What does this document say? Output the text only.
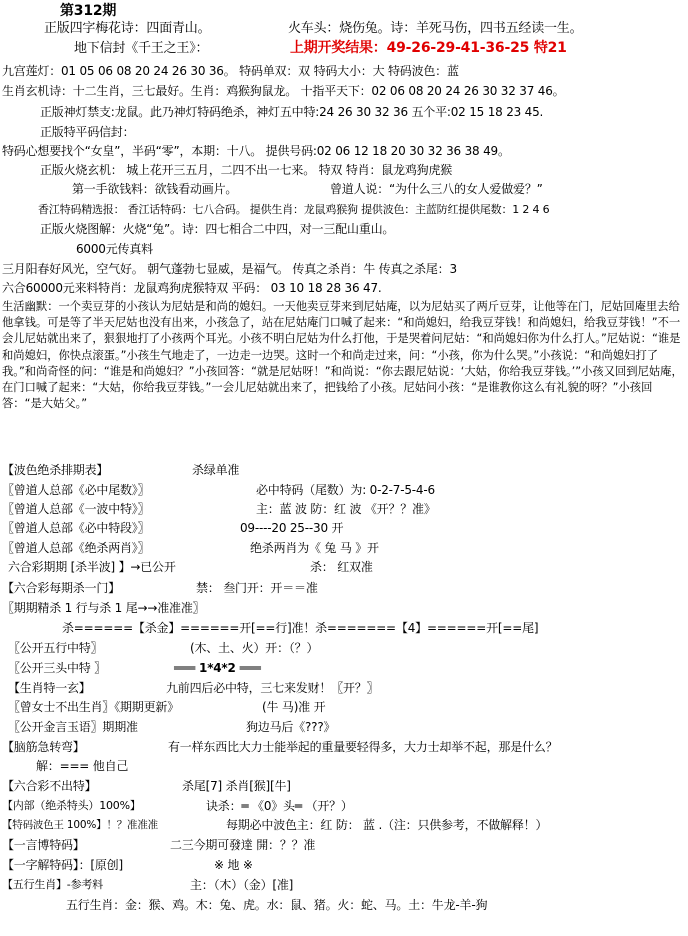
第312期
正版四字梅花诗：四面青山。	火车头：烧伤兔。诗：羊死马伤，四书五经读一生。
地下信封《千王之王》：	上期开奖结果：49-26-29-41-36-25 特21
九宫莲灯：01 05 06 08 20 24 26 30 36。 特码单双：双 特码大小：大 特码波色：蓝
生肖玄机诗：十二生肖，三七最好。生肖：鸡猴狗鼠龙。 十指平天下：02 06 08 20 24 26 30 32 37 46。
正版神灯禁支:龙鼠。此乃神灯特码绝杀，神灯五中特:24 26 30 32 36 五个平:02 15 18 23 45.
正版特平码信封：
特码心想要找个“女皇”，半码“零”，本期：十八。 提供号码:02 06 12 18 20 30 32 36 38 49。
正版火烧玄机： 城上花开三五月，二四不出一七来。 特双 特肖：鼠龙鸡狗虎猴
第一手欲钱料：欲钱看动画片。	曾道人说：“为什么三八的女人爱做爱？”
香江特码精选报： 香江话特码：七八合码。 提供生肖：龙鼠鸡猴狗 提供波色：主蓝防红提供尾数：1 2 4 6
正版火烧图解：火烧“兔”。诗：四七相合二中四，对一三配山重山。
6000元传真料
三月阳春好风光，空气好。 朝气蓬勃七显威，是福气。 传真之杀肖：牛 传真之杀尾：3
六合60000元来料特肖：龙鼠鸡狗虎猴特双 平码： 03 10 18 28 36 47.
生活幽默：一个卖豆芽的小孩认为尼姑是和尚的媳妇。一天他卖豆芽来到尼姑庵，以为尼姑买了两斤豆芽，让他等在门，尼姑回庵里去给他拿钱。可是等了半天尼姑也没有出来，小孩急了，站在尼姑庵门口喊了起来：“和尚媳妇，给我豆芽钱！和尚媳妇，给我豆芽钱！”不一会儿尼姑就出来了，狠狠地打了小孩两个耳光。小孩不明白尼姑为什么打他，于是哭着问尼姑：“和尚媳妇你为什么打人。”尼姑说：“谁是和尚媳妇，你快点滚蛋。”小孩生气地走了，一边走一边哭。这时一个和尚走过来，问：“小孩，你为什么哭。”小孩说：“和尚媳妇打了我。”和尚奇怪的问：“谁是和尚媳妇？”小孩回答：“就是尼姑呀！”和尚说：“你去跟尼姑说：‘大姑，你给我豆芽钱。’”小孩又回到尼姑庵，在门口喊了起来：“大姑，你给我豆芽钱。”一会儿尼姑就出来了，把钱给了小孩。尼姑问小孩：“是谁教你这么有礼貌的呀？”小孩回答：“是大姑父。”
【波色绝杀排期表】	杀绿单准
〖曾道人总部《必中尾数》〗	必中特码（尾数）为: 0-2-7-5-4-6
〖曾道人总部《一波中特》〗	主：蓝 波 防：红 波 《开？？准》
〖曾道人总部《必中特段》〗	09----20 25--30 开
〖曾道人总部《绝杀两肖》〗	绝杀两肖为《 兔 马 》开
六合彩期期 [杀半波] 】→已公开	杀： 红双准
【六合彩每期杀一门】	禁： 叁门开：开＝＝准
〖期期精杀 1 行与杀 1 尾→→准准准〗
杀======【杀金】======开[==行]准！杀=======【4】======开[==尾]
〖公开五行中特〗	(木、土、火）开：（？）
〖公开三头中特 〗	═══ 1*4*2 ═══
【生肖特一玄】	九前四后必中特，三七来发财！〖开？〗
〖曾女士不出生肖〗《期期更新》	(牛 马)准 开
〖公开金言玉语〗期期准	狗边马后《???》
【脑筋急转弯】	有一样东西比大力士能举起的重量要轻得多，大力士却举不起，那是什么？
解：=== 他自己
【六合彩不出特】	杀尾[7] 杀肖[猴][牛]
【内部（绝杀特头）100%】	诀杀：═ 《0》头═ （开？）
【特码波色王 100%】！？准准准	每期必中波色主：红 防： 蓝 .（注：只供参考，不做解释！）
【一言博特码】	二三今期可發達 開：？？准
【一字解特码】：[原创]	※ 地 ※
【五行生肖】-参考料	主：（木）（金）[准]
五行生肖：金：猴、鸡。木：兔、虎。水：鼠、猪。火：蛇、马。土：牛龙-羊-狗
